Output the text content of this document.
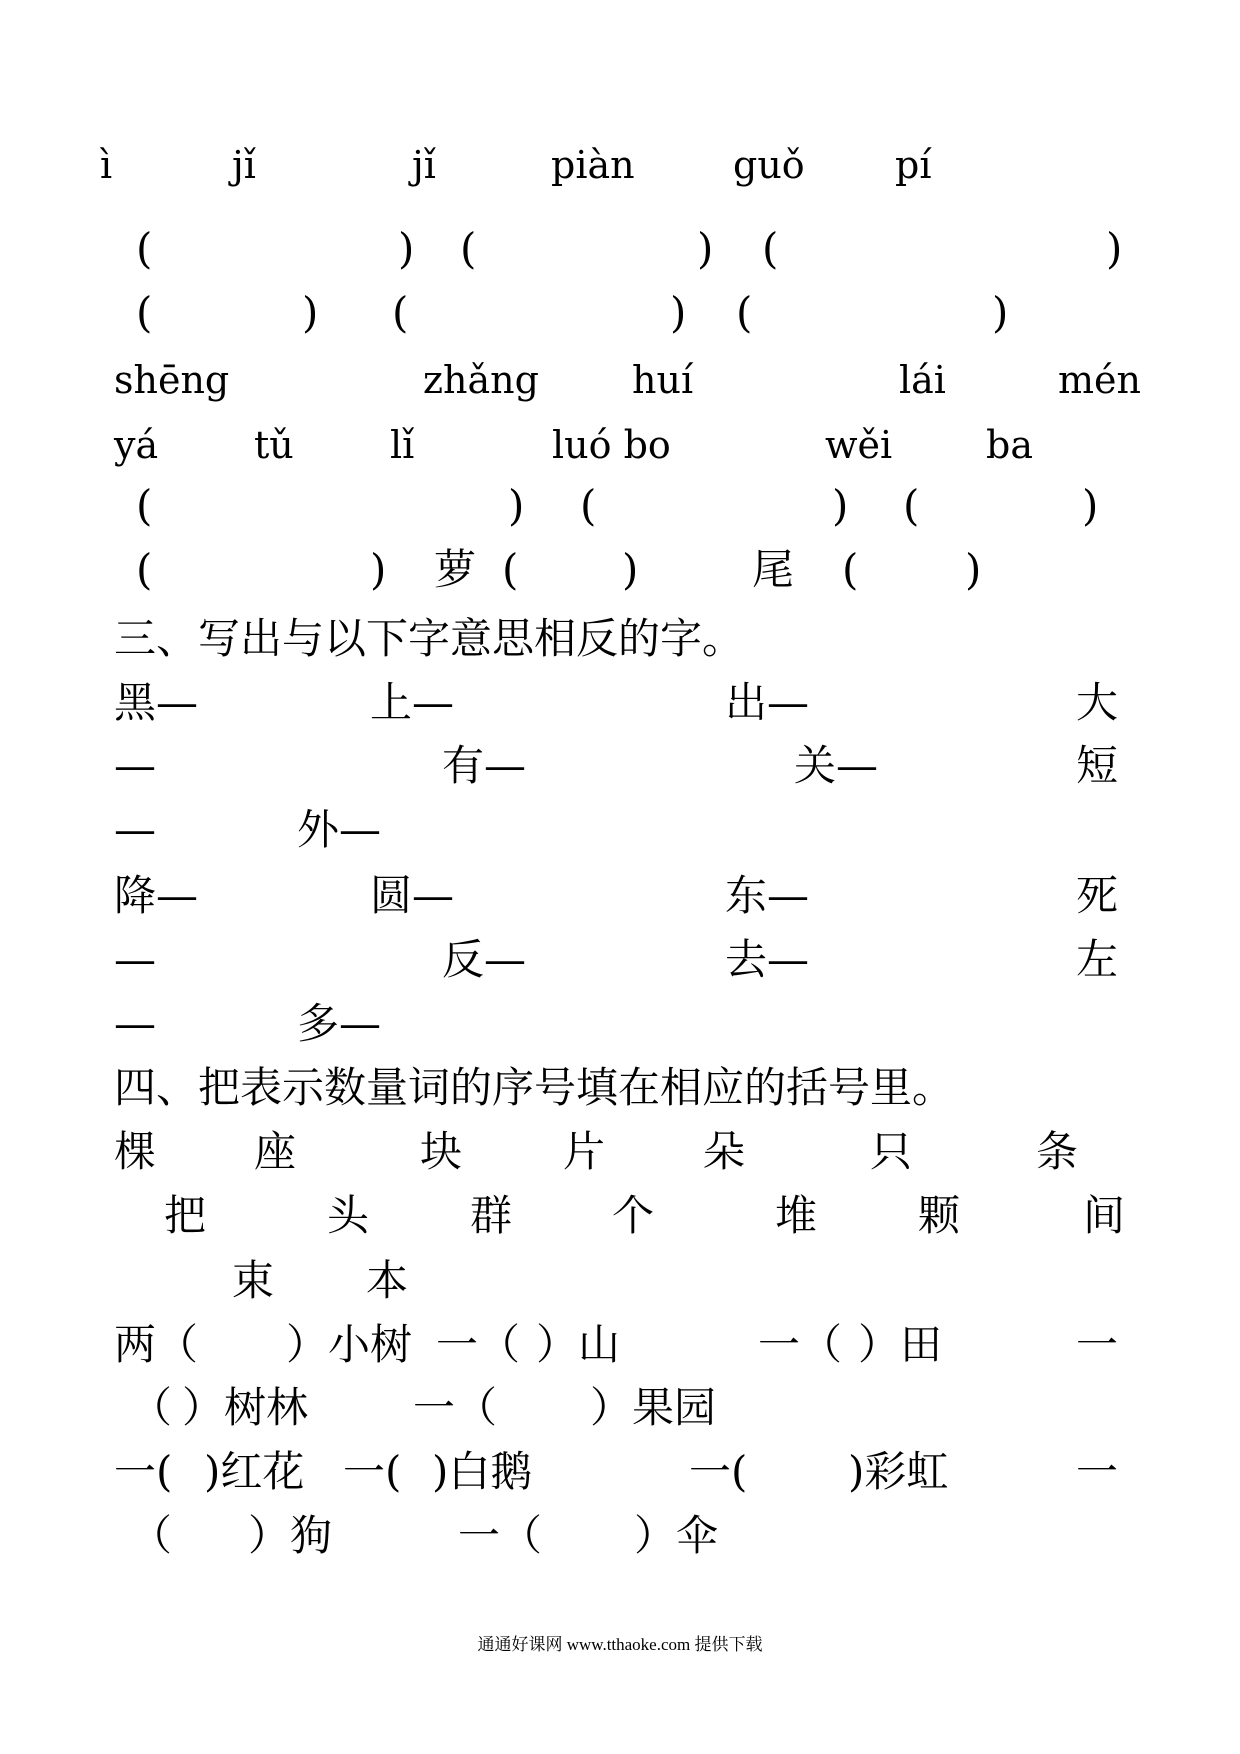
ì	jǐ	jǐ	piàn	guǒ pí
(	) (	) (	)
(	) (	) (	)
shēng	zhǎng huí	lái	mén
yá	tǔ	lǐ	luó bo	wěi ba
(	) (	) (	)
(	) 萝 ( )	尾 (	)
三、写出与以下字意思相反的字。
黑—	上—	出—	大
—	有—	关—	短
—	外—
降—	圆—	东—	死
—	反—	去—	左
—	多—
四、把表示数量词的序号填在相应的括号里。
棵 座	块 片 朵	只	条
把	头 群 个	堆 颗	间
束 本
两（ ）小树 一（ ）山	一（ ）田	一
（ ）树林 一（ ）果园
一( )红花 一( )白鹅	一( )彩虹	一
（ ）狗	一（ ）伞
通通好课网 www.tthaoke.com 提供下载
